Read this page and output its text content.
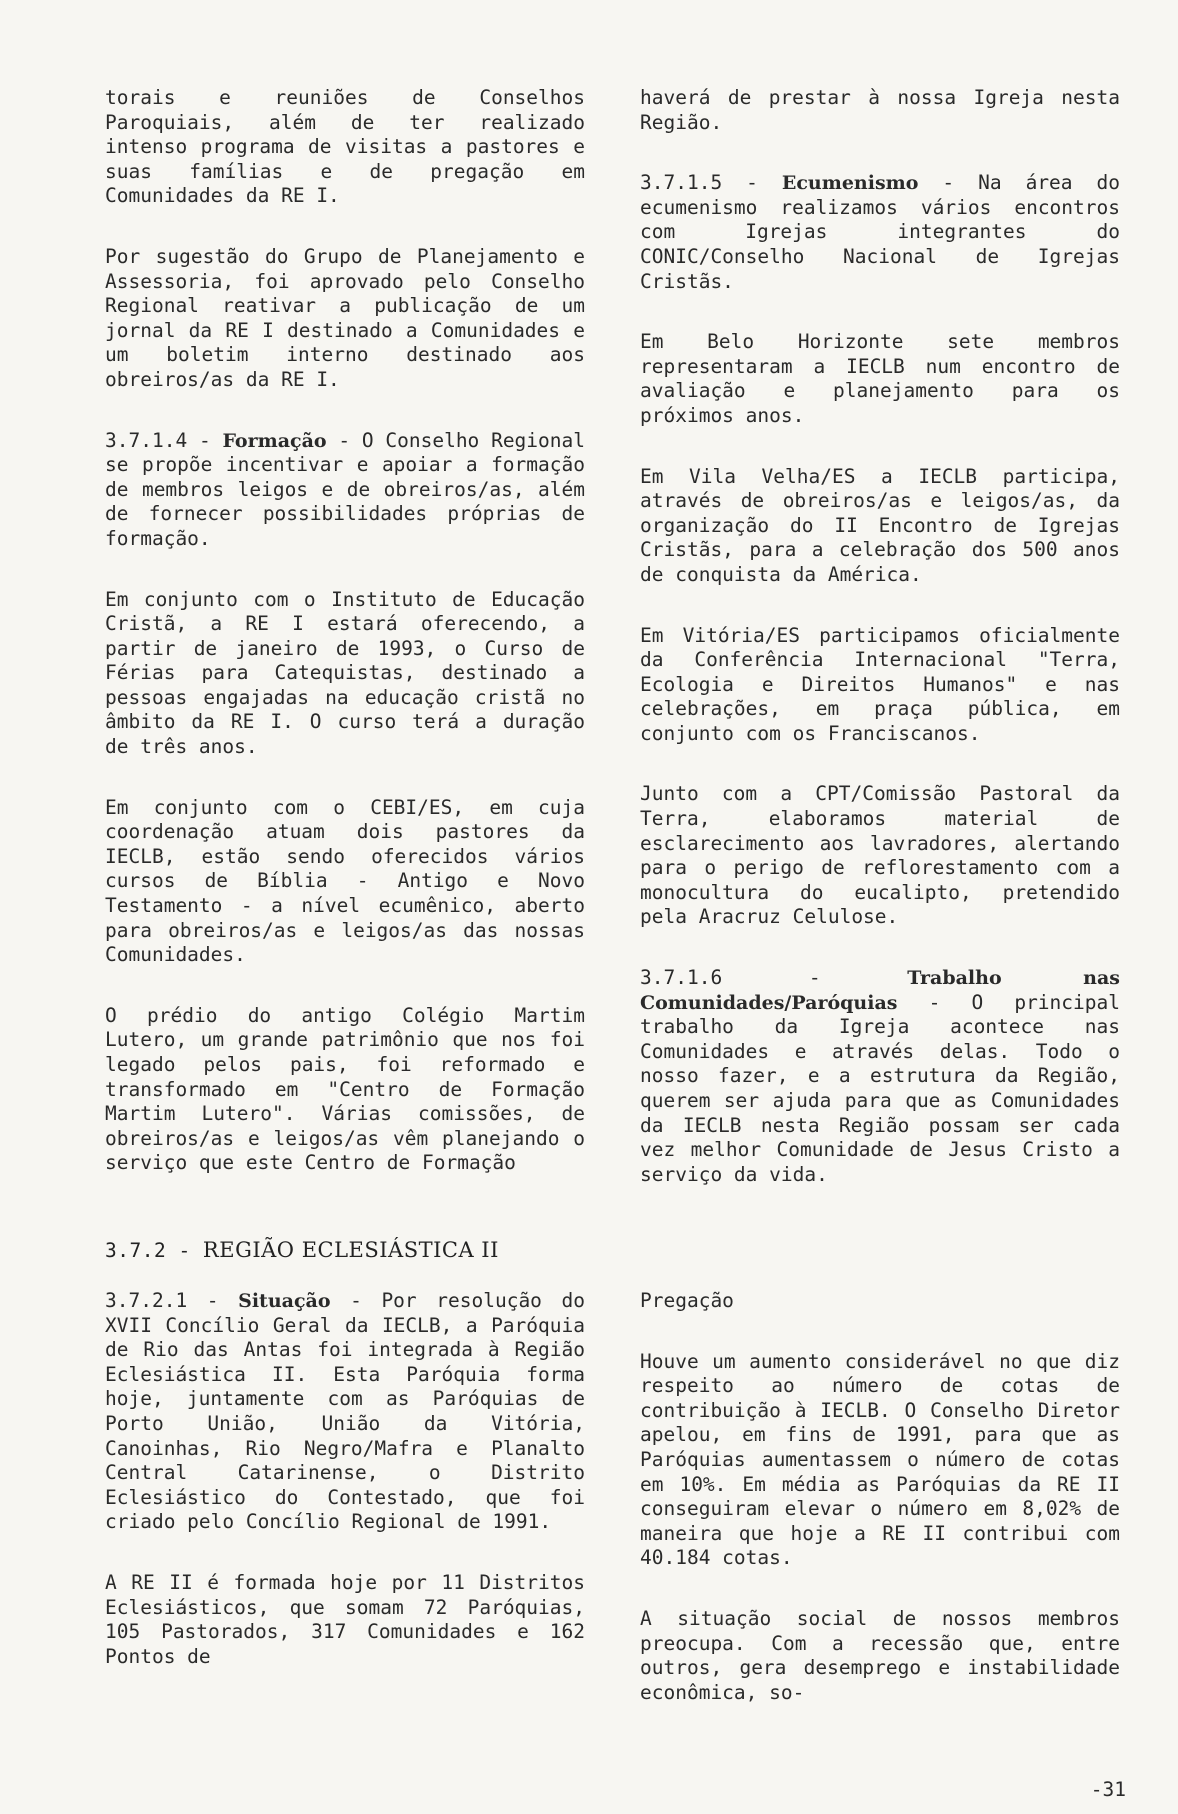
torais e reuniões de Conselhos Paroquiais, além de ter realizado intenso programa de visitas a pastores e suas famílias e de pregação em Comunidades da RE I.

Por sugestão do Grupo de Planejamento e Assessoria, foi aprovado pelo Conselho Regional reativar a publicação de um jornal da RE I destinado a Comunidades e um boletim interno destinado aos obreiros/as da RE I.

3.7.1.4 - Formação - O Conselho Regional se propõe incentivar e apoiar a formação de membros leigos e de obreiros/as, além de fornecer possibilidades próprias de formação.

Em conjunto com o Instituto de Educação Cristã, a RE I estará oferecendo, a partir de janeiro de 1993, o Curso de Férias para Catequistas, destinado a pessoas engajadas na educação cristã no âmbito da RE I. O curso terá a duração de três anos.

Em conjunto com o CEBI/ES, em cuja coordenação atuam dois pastores da IECLB, estão sendo oferecidos vários cursos de Bíblia - Antigo e Novo Testamento - a nível ecumênico, aberto para obreiros/as e leigos/as das nossas Comunidades.

O prédio do antigo Colégio Martim Lutero, um grande patrimônio que nos foi legado pelos pais, foi reformado e transformado em "Centro de Formação Martim Lutero". Várias comissões, de obreiros/as e leigos/as vêm planejando o serviço que este Centro de Formação

haverá de prestar à nossa Igreja nesta Região.

3.7.1.5 - Ecumenismo - Na área do ecumenismo realizamos vários encontros com Igrejas integrantes do CONIC/Conselho Nacional de Igrejas Cristãs.

Em Belo Horizonte sete membros representaram a IECLB num encontro de avaliação e planejamento para os próximos anos.

Em Vila Velha/ES a IECLB participa, através de obreiros/as e leigos/as, da organização do II Encontro de Igrejas Cristãs, para a celebração dos 500 anos de conquista da América.

Em Vitória/ES participamos oficialmente da Conferência Internacional "Terra, Ecologia e Direitos Humanos" e nas celebrações, em praça pública, em conjunto com os Franciscanos.

Junto com a CPT/Comissão Pastoral da Terra, elaboramos material de esclarecimento aos lavradores, alertando para o perigo de reflorestamento com a monocultura do eucalipto, pretendido pela Aracruz Celulose.

3.7.1.6 - Trabalho nas Comunidades/Paróquias - O principal trabalho da Igreja acontece nas Comunidades e através delas. Todo o nosso fazer, e a estrutura da Região, querem ser ajuda para que as Comunidades da IECLB nesta Região possam ser cada vez melhor Comunidade de Jesus Cristo a serviço da vida.

3.7.2 - REGIÃO ECLESIÁSTICA II

3.7.2.1 - Situação - Por resolução do XVII Concílio Geral da IECLB, a Paróquia de Rio das Antas foi integrada à Região Eclesiástica II. Esta Paróquia forma hoje, juntamente com as Paróquias de Porto União, União da Vitória, Canoinhas, Rio Negro/Mafra e Planalto Central Catarinense, o Distrito Eclesiástico do Contestado, que foi criado pelo Concílio Regional de 1991.

A RE II é formada hoje por 11 Distritos Eclesiásticos, que somam 72 Paróquias, 105 Pastorados, 317 Comunidades e 162 Pontos de

Pregação

Houve um aumento considerável no que diz respeito ao número de cotas de contribuição à IECLB. O Conselho Diretor apelou, em fins de 1991, para que as Paróquias aumentassem o número de cotas em 10%. Em média as Paróquias da RE II conseguiram elevar o número em 8,02% de maneira que hoje a RE II contribui com 40.184 cotas.

A situação social de nossos membros preocupa. Com a recessão que, entre outros, gera desemprego e instabilidade econômica, so-

-31
